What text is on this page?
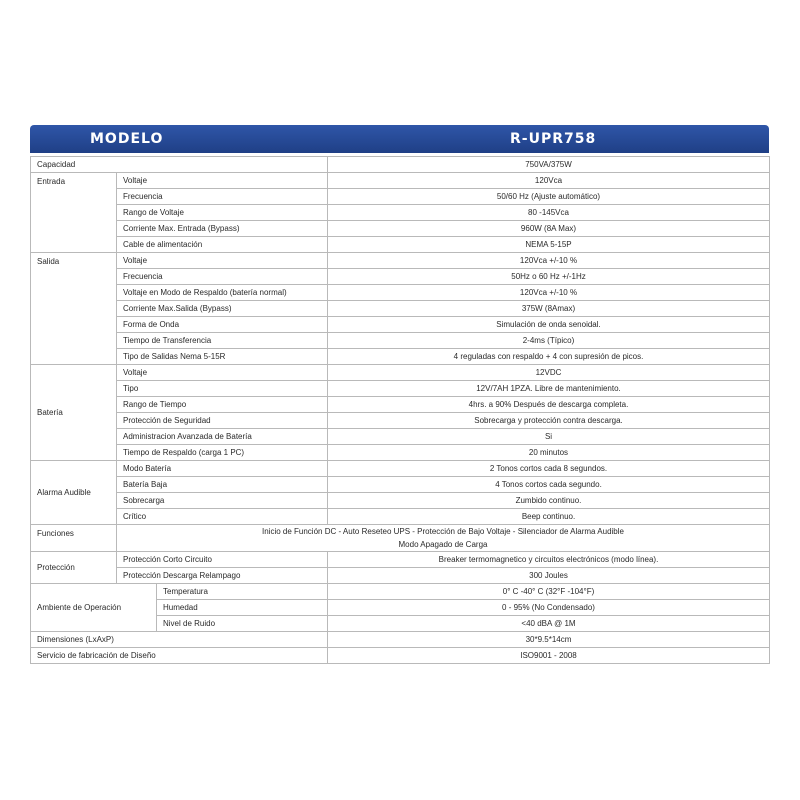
MODELO	R-UPR758
Capacidad			750VA/375W
Entrada	Voltaje		120Vca
	Frecuencia		50/60 Hz (Ajuste automático)
	Rango de Voltaje		80 -145Vca
	Corriente Max. Entrada (Bypass)		960W (8A Max)
	Cable de alimentación		NEMA 5-15P
Salida	Voltaje		120Vca +/-10 %
	Frecuencia		50Hz o 60 Hz +/-1Hz
	Voltaje en Modo de Respaldo (batería normal)		120Vca +/-10 %
	Corriente Max.Salida (Bypass)		375W (8Amax)
	Forma de Onda		Simulación de onda senoidal.
	Tiempo de Transferencia		2-4ms (Típico)
	Tipo de Salidas Nema 5-15R		4 reguladas con respaldo + 4 con supresión de picos.
Batería	Voltaje		12VDC
	Tipo		12V/7AH 1PZA. Libre de mantenimiento.
	Rango de Tiempo		4hrs. a 90% Después de descarga completa.
	Protección de Seguridad		Sobrecarga y protección contra descarga.
	Administracion Avanzada de Batería		Si
	Tiempo de Respaldo (carga 1 PC)		20 minutos
Alarma Audible	Modo Batería		2 Tonos cortos cada 8 segundos.
	Batería Baja		4 Tonos cortos cada segundo.
	Sobrecarga		Zumbido continuo.
	Crítico		Beep continuo.
Funciones	Inicio de Función DC - Auto Reseteo UPS - Protección de Bajo Voltaje - Silenciador de Alarma Audible
Modo Apagado de Carga		

Protección	Protección Corto Circuito		Breaker termomagnetico y circuitos electrónicos (modo línea).
	Protección Descarga Relampago		300 Joules
Ambiente de Operación		Temperatura	0° C -40° C (32°F -104°F)
		Humedad	0 - 95% (No Condensado)
		Nivel de Ruido	<40 dBA @ 1M
Dimensiones (LxAxP)			30*9.5*14cm
Servicio de fabricación de Diseño			ISO9001 - 2008
